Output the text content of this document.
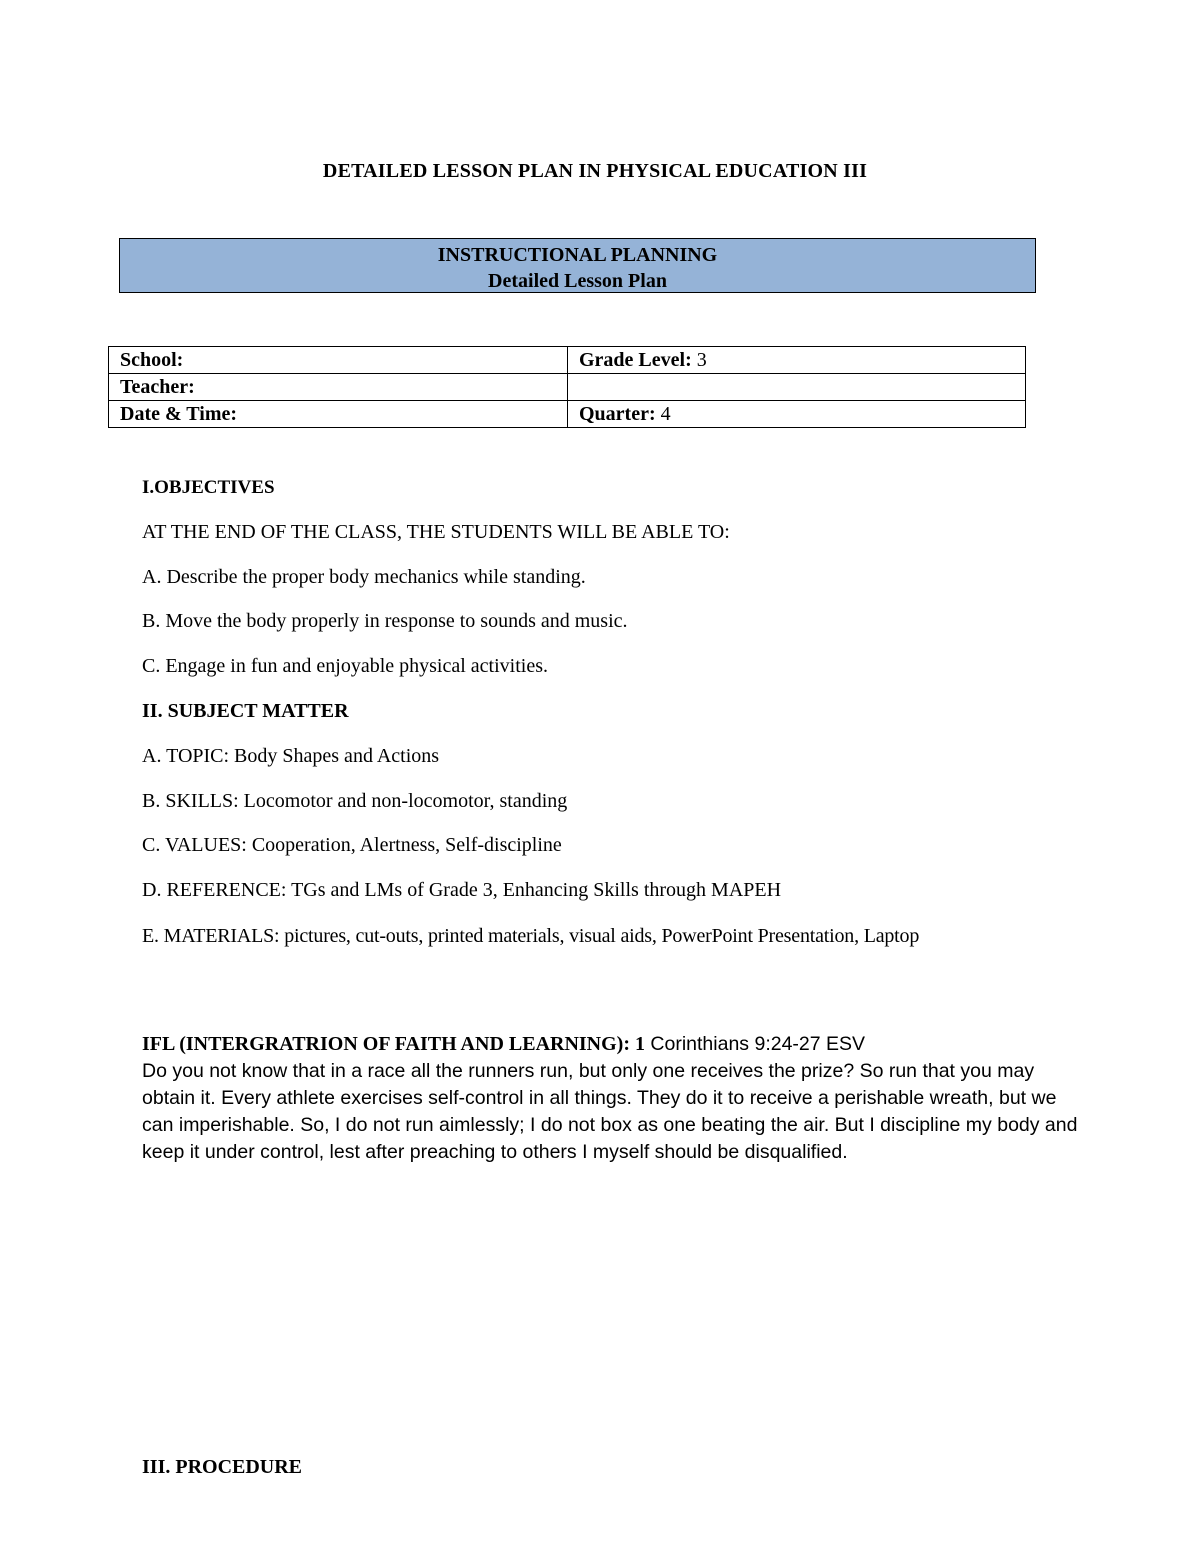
DETAILED LESSON PLAN IN PHYSICAL EDUCATION III
INSTRUCTIONAL PLANNING
Detailed Lesson Plan
School:	Grade Level: 3
Teacher:	
Date & Time:	Quarter: 4
I.OBJECTIVES
AT THE END OF THE CLASS, THE STUDENTS WILL BE ABLE TO:
A. Describe the proper body mechanics while standing.
B. Move the body properly in response to sounds and music.
C. Engage in fun and enjoyable physical activities.
II. SUBJECT MATTER
A. TOPIC: Body Shapes and Actions
B. SKILLS: Locomotor and non-locomotor, standing
C. VALUES: Cooperation, Alertness, Self-discipline
D. REFERENCE: TGs and LMs of Grade 3, Enhancing Skills through MAPEH
E. MATERIALS: pictures, cut-outs, printed materials, visual aids, PowerPoint Presentation, Laptop
IFL (INTERGRATRION OF FAITH AND LEARNING): 1 Corinthians 9:24-27 ESV
Do you not know that in a race all the runners run, but only one receives the prize? So run that you may obtain it. Every athlete exercises self-control in all things. They do it to receive a perishable wreath, but we can imperishable. So, I do not run aimlessly; I do not box as one beating the air. But I discipline my body and keep it under control, lest after preaching to others I myself should be disqualified.
III. PROCEDURE
